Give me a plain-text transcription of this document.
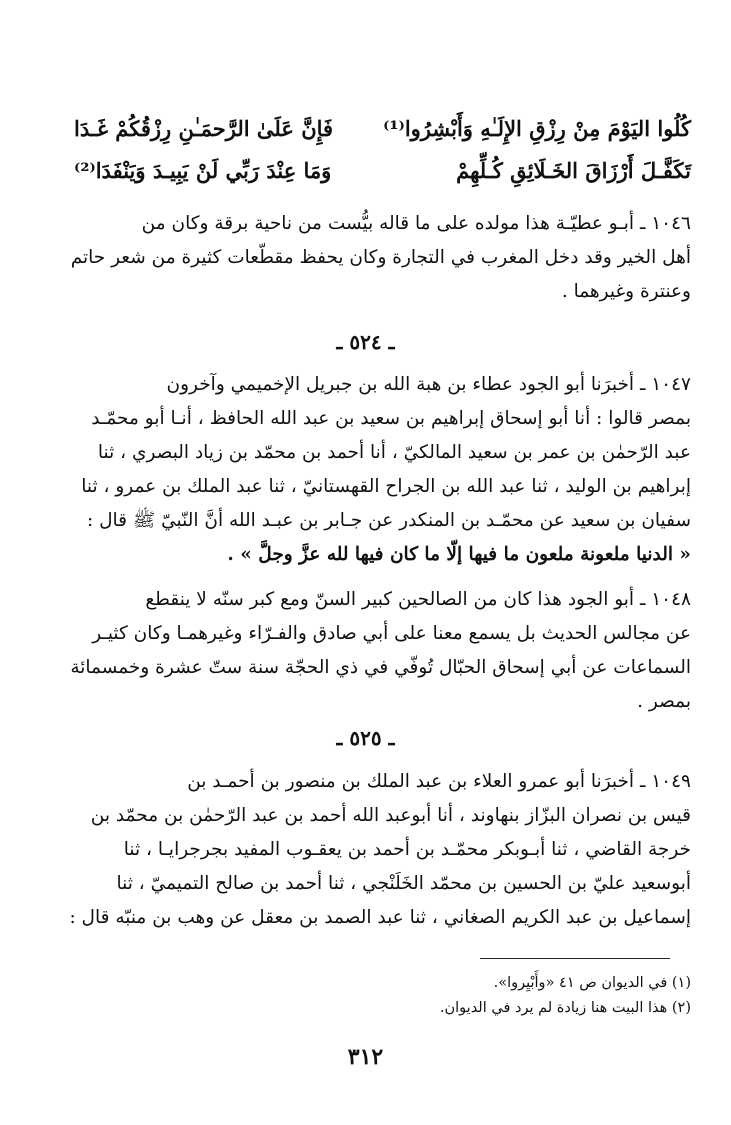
كُلُوا اليَوْمَ مِنْ رِزْقِ الإِلَـٰهِ وَأَبْشِرُوا⁽¹⁾
فَإِنَّ عَلَىٰ الرَّحمَـٰنِ رِزْقُكُمْ غَـدَا
تَكَفَّـلَ أَرْزَاقَ الخَـلَائِقِ كُـلِّهِمْ
وَمَا عِنْدَ رَبِّي لَنْ يَبِيـدَ وَيَنْفَدَا⁽²⁾
١٠٤٦ ـ أبـو عطيّـة هذا مولده على ما قاله بيُّست من ناحية برقة وكان من
أهل الخير وقد دخل المغرب في التجارة وكان يحفظ مقطّعات كثيرة من شعر حاتم
وعنترة وغيرهما .
ـ ٥٢٤ ـ
١٠٤٧ ـ أخبرَنا أبو الجود عطاء بن هبة الله بن جبريل الإخميمي وآخرون
بمصر قالوا : أنا أبو إسحاق إبراهيم بن سعيد بن عبد الله الحافظ ، أنـا أبو محمّـد
عبد الرّحمٰن بن عمر بن سعيد المالكيّ ، أنا أحمد بن محمّد بن زياد البصري ، ثنا
إبراهيم بن الوليد ، ثنا عبد الله بن الجراح القهستانيّ ، ثنا عبد الملك بن عمرو ، ثنا
سفيان بن سعيد عن محمّـد بن المنكدر عن جـابر بن عبـد الله أنَّ النّبيّ ﷺ قال :
« الدنيا ملعونة ملعون ما فيها إلّا ما كان فيها لله عزَّ وجلَّ » .
١٠٤٨ ـ أبو الجود هذا كان من الصالحين كبير السنّ ومع كبر سنّه لا ينقطع
عن مجالس الحديث بل يسمع معنا على أبي صادق والفـرّاء وغيرهمـا وكان كثيـر
السماعات عن أبي إسحاق الحبّال تُوفّي في ذي الحجّة سنة ستّ عشرة وخمسمائة
بمصر .
ـ ٥٢٥ ـ
١٠٤٩ ـ أخبرَنا أبو عمرو العلاء بن عبد الملك بن منصور بن أحمـد بن
قيس بن نصران البزّاز بنهاوند ، أنا أبوعبد الله أحمد بن عبد الرّحمٰن بن محمّد بن
خرجة القاضي ، ثنا أبـوبكر محمّـد بن أحمد بن يعقـوب المفيد بجرجرايـا ، ثنا
أبوسعيد عليّ بن الحسين بن محمّد الخَلَنْجي ، ثنا أحمد بن صالح التميميّ ، ثنا
إسماعيل بن عبد الكريم الصغاني ، ثنا عبد الصمد بن معقل عن وهب بن منبّه قال :
(١) في الديوان ص ٤١ «وأَبْيِروا».
(٢) هذا البيت هنا زيادة لم يرد في الديوان.
٣١٢
